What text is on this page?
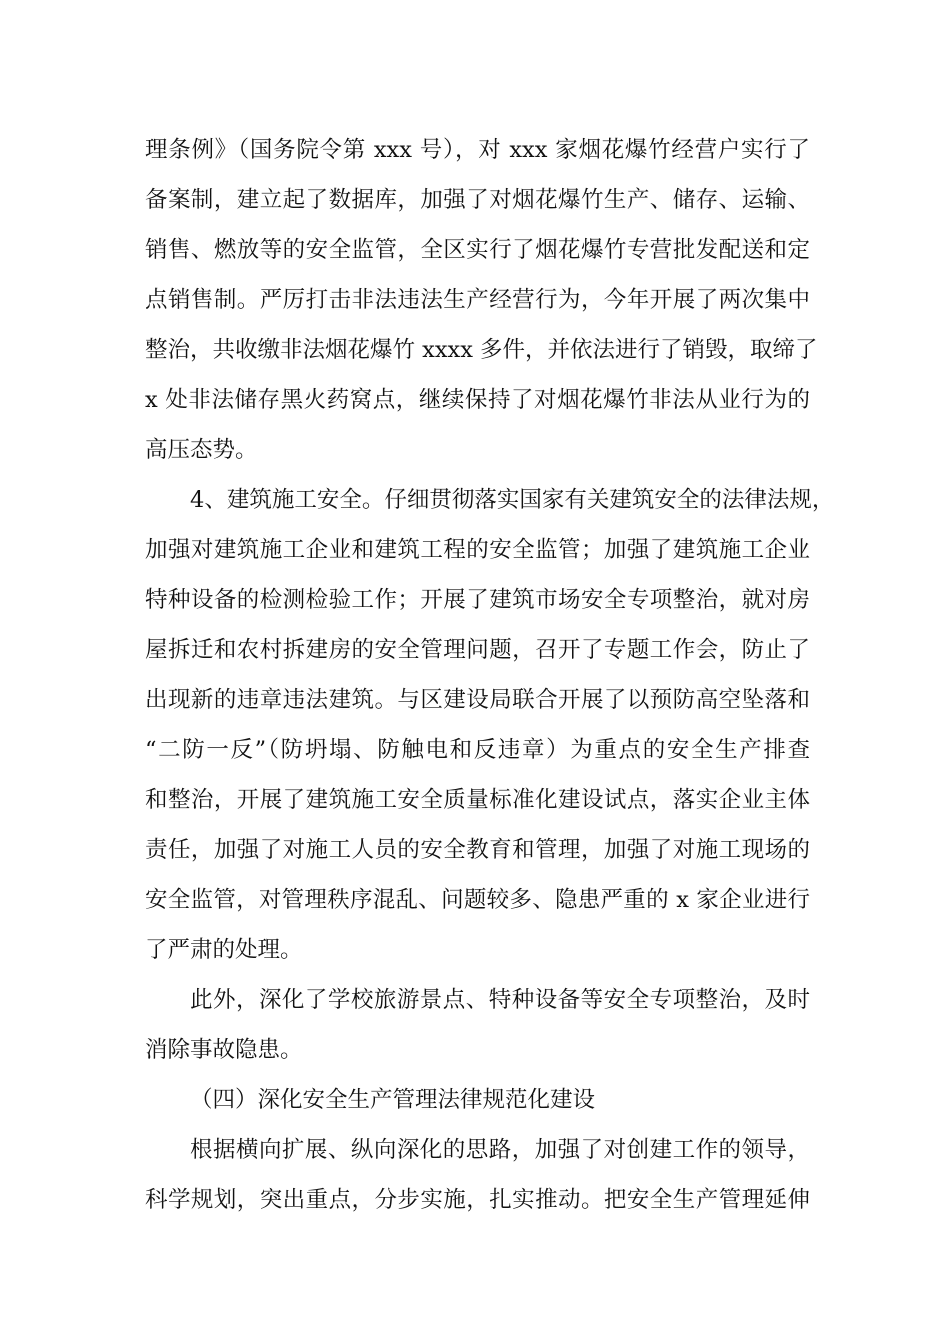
理条例》（国务院令第 xxx 号），对 xxx 家烟花爆竹经营户实行了
备案制，建立起了数据库，加强了对烟花爆竹生产、储存、运输、
销售、燃放等的安全监管，全区实行了烟花爆竹专营批发配送和定
点销售制。严厉打击非法违法生产经营行为，今年开展了两次集中
整治，共收缴非法烟花爆竹 xxxx 多件，并依法进行了销毁，取缔了
x 处非法储存黑火药窝点，继续保持了对烟花爆竹非法从业行为的
高压态势。
4、建筑施工安全。仔细贯彻落实国家有关建筑安全的法律法规，
加强对建筑施工企业和建筑工程的安全监管；加强了建筑施工企业
特种设备的检测检验工作；开展了建筑市场安全专项整治，就对房
屋拆迁和农村拆建房的安全管理问题，召开了专题工作会，防止了
出现新的违章违法建筑。与区建设局联合开展了以预防高空坠落和
“二防一反”（防坍塌、防触电和反违章）为重点的安全生产排查
和整治，开展了建筑施工安全质量标准化建设试点，落实企业主体
责任，加强了对施工人员的安全教育和管理，加强了对施工现场的
安全监管，对管理秩序混乱、问题较多、隐患严重的 x 家企业进行
了严肃的处理。
此外，深化了学校旅游景点、特种设备等安全专项整治，及时
消除事故隐患。
（四）深化安全生产管理法律规范化建设
根据横向扩展、纵向深化的思路，加强了对创建工作的领导，
科学规划，突出重点，分步实施，扎实推动。把安全生产管理延伸
